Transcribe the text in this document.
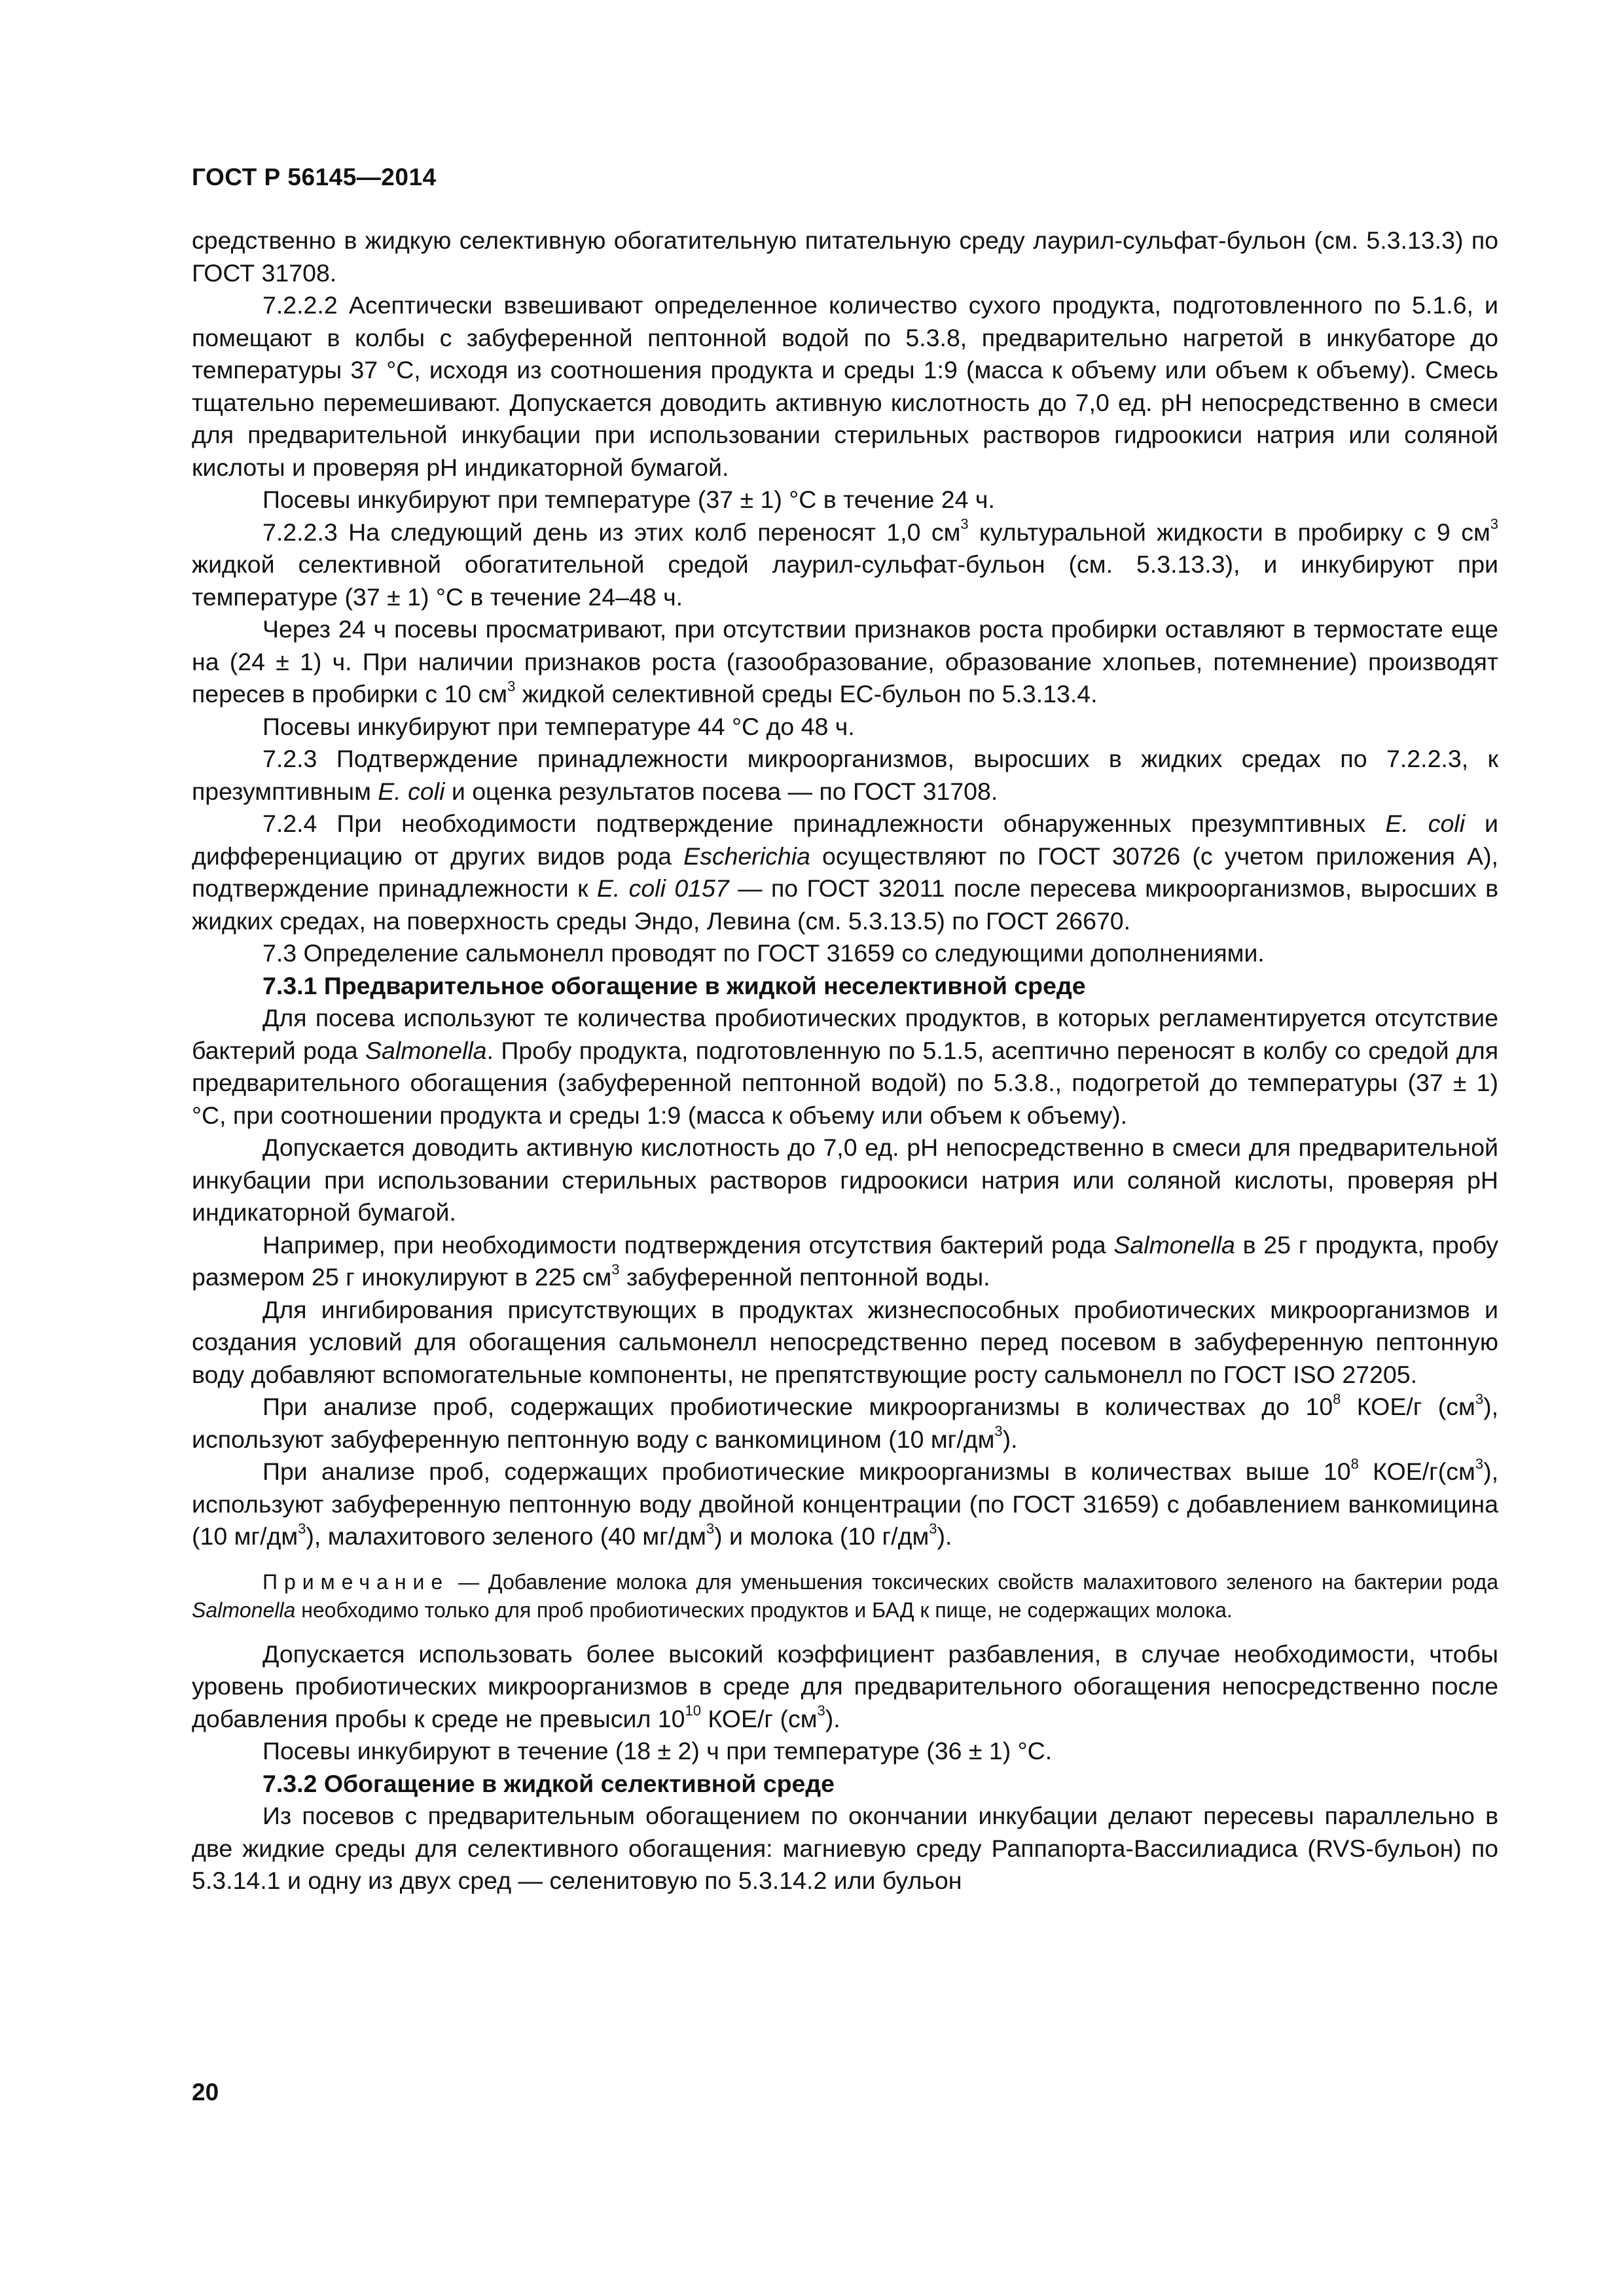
ГОСТ Р 56145—2014

средственно в жидкую селективную обогатительную питательную среду лаурил-сульфат-бульон (см. 5.3.13.3) по ГОСТ 31708.

7.2.2.2 Асептически взвешивают определенное количество сухого продукта, подготовленного по 5.1.6, и помещают в колбы с забуференной пептонной водой по 5.3.8, предварительно нагретой в инкубаторе до температуры 37 °С, исходя из соотношения продукта и среды 1:9 (масса к объему или объем к объему). Смесь тщательно перемешивают. Допускается доводить активную кислотность до 7,0 ед. pH непосредственно в смеси для предварительной инкубации при использовании стерильных растворов гидроокиси натрия или соляной кислоты и проверяя pH индикаторной бумагой.

Посевы инкубируют при температуре (37 ± 1) °С в течение 24 ч.

7.2.2.3 На следующий день из этих колб переносят 1,0 $см^3$ культуральной жидкости в пробирку с 9 $см^3$ жидкой селективной обогатительной средой лаурил-сульфат-бульон (см. 5.3.13.3), и инкубируют при температуре (37 ± 1) °С в течение 24–48 ч.

Через 24 ч посевы просматривают, при отсутствии признаков роста пробирки оставляют в термостате еще на (24 ± 1) ч. При наличии признаков роста (газообразование, образование хлопьев, потемнение) производят пересев в пробирки с 10 $см^3$ жидкой селективной среды ЕС-бульон по 5.3.13.4.

Посевы инкубируют при температуре 44 °С до 48 ч.

7.2.3 Подтверждение принадлежности микроорганизмов, выросших в жидких средах по 7.2.2.3, к презумптивным E. coli и оценка результатов посева — по ГОСТ 31708.

7.2.4 При необходимости подтверждение принадлежности обнаруженных презумптивных E. coli и дифференциацию от других видов рода Escherichia осуществляют по ГОСТ 30726 (с учетом приложения А), подтверждение принадлежности к E. coli 0157 — по ГОСТ 32011 после пересева микроорганизмов, выросших в жидких средах, на поверхность среды Эндо, Левина (см. 5.3.13.5) по ГОСТ 26670.

7.3 Определение сальмонелл проводят по ГОСТ 31659 со следующими дополнениями.

7.3.1 Предварительное обогащение в жидкой неселективной среде

Для посева используют те количества пробиотических продуктов, в которых регламентируется отсутствие бактерий рода Salmonella. Пробу продукта, подготовленную по 5.1.5, асептично переносят в колбу со средой для предварительного обогащения (забуференной пептонной водой) по 5.3.8., подогретой до температуры (37 ± 1) °С, при соотношении продукта и среды 1:9 (масса к объему или объем к объему).

Допускается доводить активную кислотность до 7,0 ед. pH непосредственно в смеси для предварительной инкубации при использовании стерильных растворов гидроокиси натрия или соляной кислоты, проверяя pH индикаторной бумагой.

Например, при необходимости подтверждения отсутствия бактерий рода Salmonella в 25 г продукта, пробу размером 25 г инокулируют в 225 $см^3$ забуференной пептонной воды.

Для ингибирования присутствующих в продуктах жизнеспособных пробиотических микроорганизмов и создания условий для обогащения сальмонелл непосредственно перед посевом в забуференную пептонную воду добавляют вспомогательные компоненты, не препятствующие росту сальмонелл по ГОСТ ISO 27205.

При анализе проб, содержащих пробиотическиe микроорганизмы в количествах до $10^8$ КОЕ/г $(см^3)$, используют забуференную пептонную воду с ванкомицином (10 $мг/дм^3$).

При анализе проб, содержащих пробиотические микроорганизмы в количествах выше $10^8$ КОЕ/$г(см^3)$, используют забуференную пептонную воду двойной концентрации (по ГОСТ 31659) с добавлением ванкомицина (10 $мг/дм^3$), малахитового зеленого (40 $мг/дм^3$) и молока (10 $г/дм^3$).

Примечание — Добавление молока для уменьшения токсических свойств малахитового зеленого на бактерии рода Salmonella необходимо только для проб пробиотических продуктов и БАД к пище, не содержащих молока.

Допускается использовать более высокий коэффициент разбавления, в случае необходимости, чтобы уровень пробиотических микроорганизмов в среде для предварительного обогащения непосредственно после добавления пробы к среде не превысил $10^{10}$ КОЕ/г $(см^3)$.

Посевы инкубируют в течение (18 ± 2) ч при температуре (36 ± 1) °С.

7.3.2 Обогащение в жидкой селективной среде

Из посевов с предварительным обогащением по окончании инкубации делают пересевы параллельно в две жидкие среды для селективного обогащения: магниевую среду Раппапорта-Вассилиадиса (RVS-бульон) по 5.3.14.1 и одну из двух сред — селенитовую по 5.3.14.2 или бульон

20
